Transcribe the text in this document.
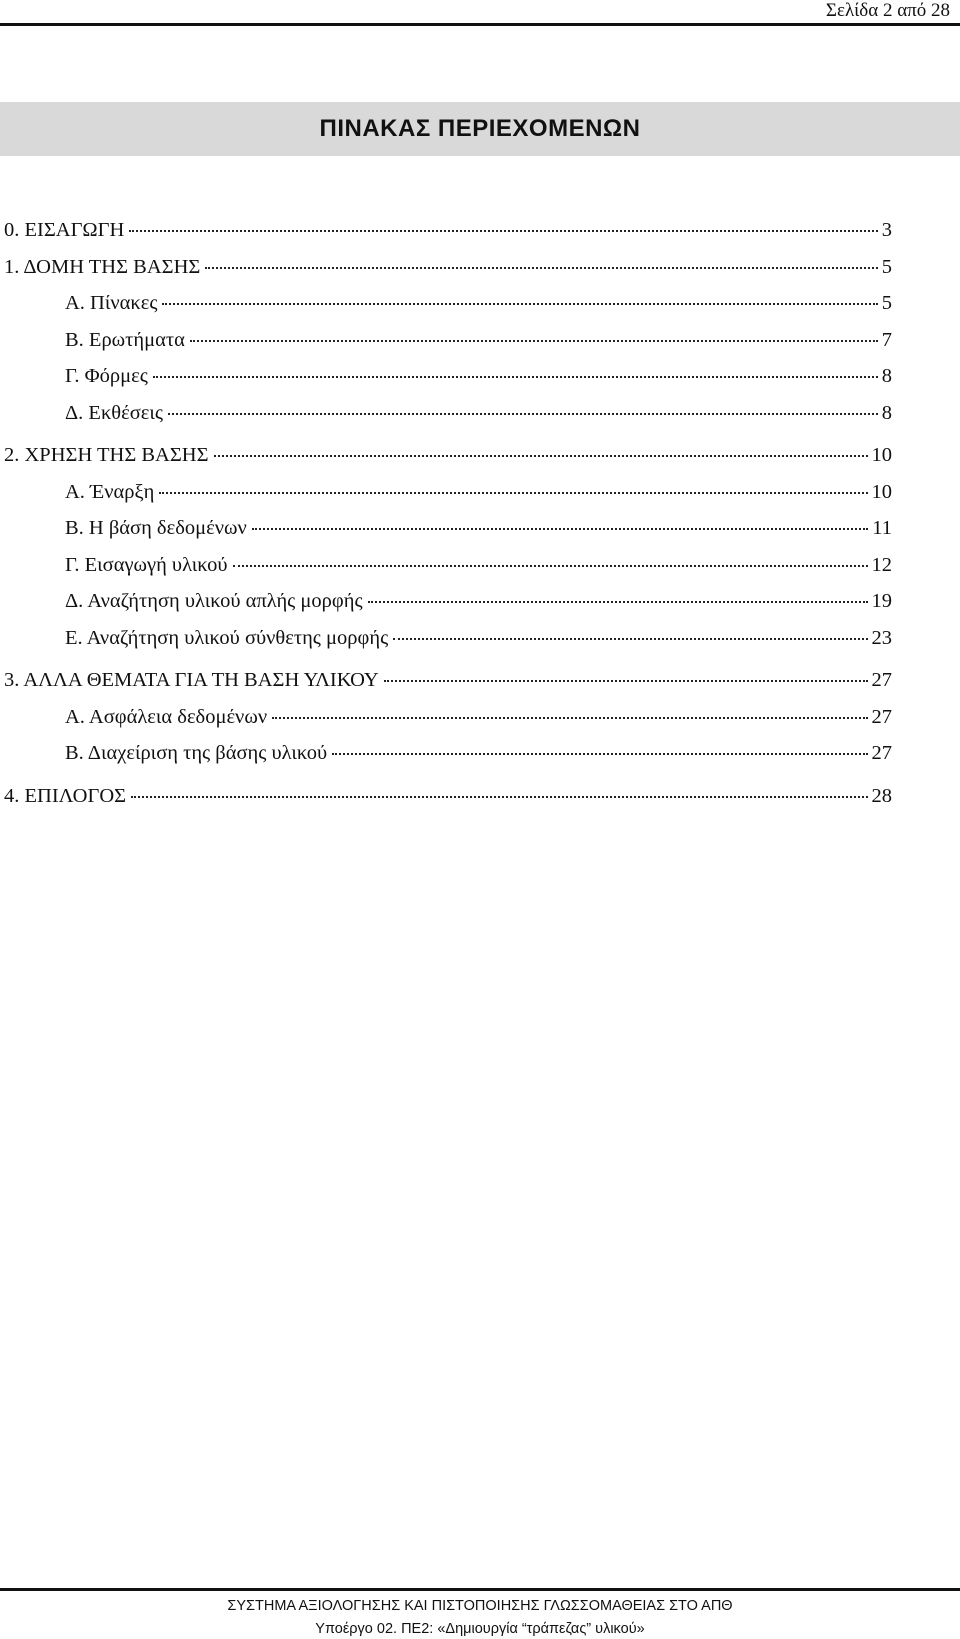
Σελίδα 2 από 28
ΠΙΝΑΚΑΣ ΠΕΡΙΕΧΟΜΕΝΩΝ
0. ΕΙΣΑΓΩΓΗ	3
1. ΔΟΜΗ ΤΗΣ ΒΑΣΗΣ	5
Α. Πίνακες	5
Β. Ερωτήματα	7
Γ. Φόρμες	8
Δ. Εκθέσεις	8
2. ΧΡΗΣΗ ΤΗΣ ΒΑΣΗΣ	10
Α. Έναρξη	10
Β. Η βάση δεδομένων	11
Γ. Εισαγωγή υλικού	12
Δ. Αναζήτηση υλικού απλής μορφής	19
Ε. Αναζήτηση υλικού σύνθετης μορφής	23
3. ΑΛΛΑ ΘΕΜΑΤΑ ΓΙΑ ΤΗ ΒΑΣΗ ΥΛΙΚΟΥ	27
Α. Ασφάλεια δεδομένων	27
Β. Διαχείριση της βάσης υλικού	27
4. ΕΠΙΛΟΓΟΣ	28
ΣΥΣΤΗΜΑ ΑΞΙΟΛΟΓΗΣΗΣ ΚΑΙ ΠΙΣΤΟΠΟΙΗΣΗΣ ΓΛΩΣΣΟΜΑΘΕΙΑΣ ΣΤΟ ΑΠΘ
Υποέργο 02. ΠΕ2: «Δημιουργία “τράπεζας” υλικού»
